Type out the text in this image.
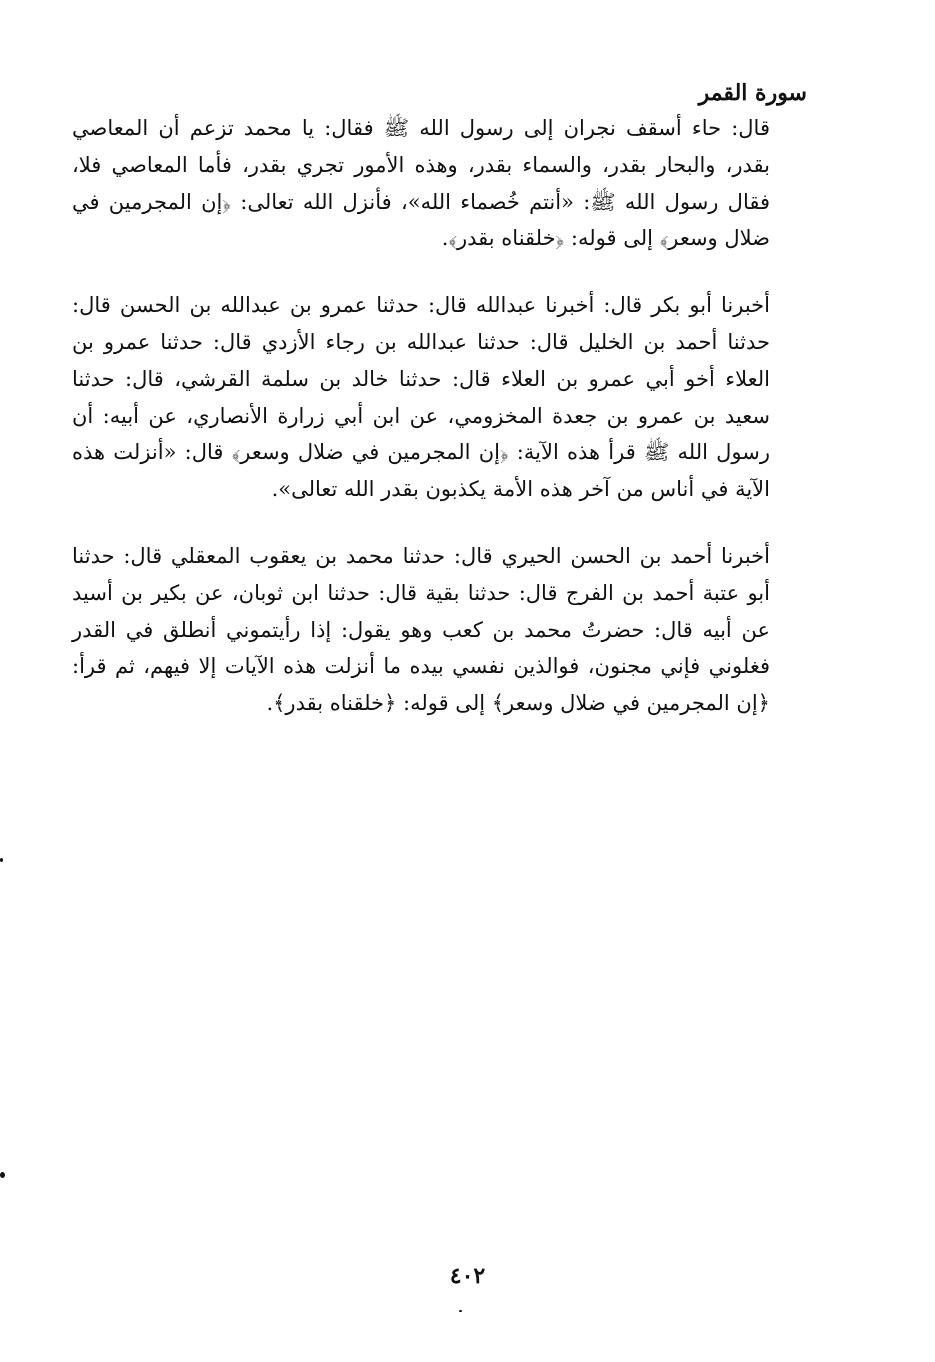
سورة القمر

قال: حاء أسقف نجران إلى رسول الله ﷺ فقال: يا محمد تزعم أن المعاصي بقدر، والبحار بقدر، والسماء بقدر، وهذه الأمور تجري بقدر، فأما المعاصي فلا، فقال رسول الله ﷺ: «أنتم خُصماء الله»، فأنزل الله تعالى: ﴿إن المجرمين في ضلال وسعر﴾ إلى قوله: ﴿خلقناه بقدر﴾.

أخبرنا أبو بكر قال: أخبرنا عبدالله قال: حدثنا عمرو بن عبدالله بن الحسن قال: حدثنا أحمد بن الخليل قال: حدثنا عبدالله بن رجاء الأزدي قال: حدثنا عمرو بن العلاء أخو أبي عمرو بن العلاء قال: حدثنا خالد بن سلمة القرشي، قال: حدثنا سعيد بن عمرو بن جعدة المخزومي، عن ابن أبي زرارة الأنصاري، عن أبيه: أن رسول الله ﷺ قرأ هذه الآية: ﴿إن المجرمين في ضلال وسعر﴾ قال: «أنزلت هذه الآية في أناس من آخر هذه الأمة يكذبون بقدر الله تعالى».

أخبرنا أحمد بن الحسن الحيري قال: حدثنا محمد بن يعقوب المعقلي قال: حدثنا أبو عتبة أحمد بن الفرج قال: حدثنا بقية قال: حدثنا ابن ثوبان، عن بكير بن أسيد عن أبيه قال: حضرتُ محمد بن كعب وهو يقول: إذا رأيتموني أنطلق في القدر فغلوني فإني مجنون، فوالذين نفسي بيده ما أنزلت هذه الآيات إلا فيهم، ثم قرأ: ﴿إن المجرمين في ضلال وسعر﴾ إلى قوله: ﴿خلقناه بقدر﴾.

٤٠٢
